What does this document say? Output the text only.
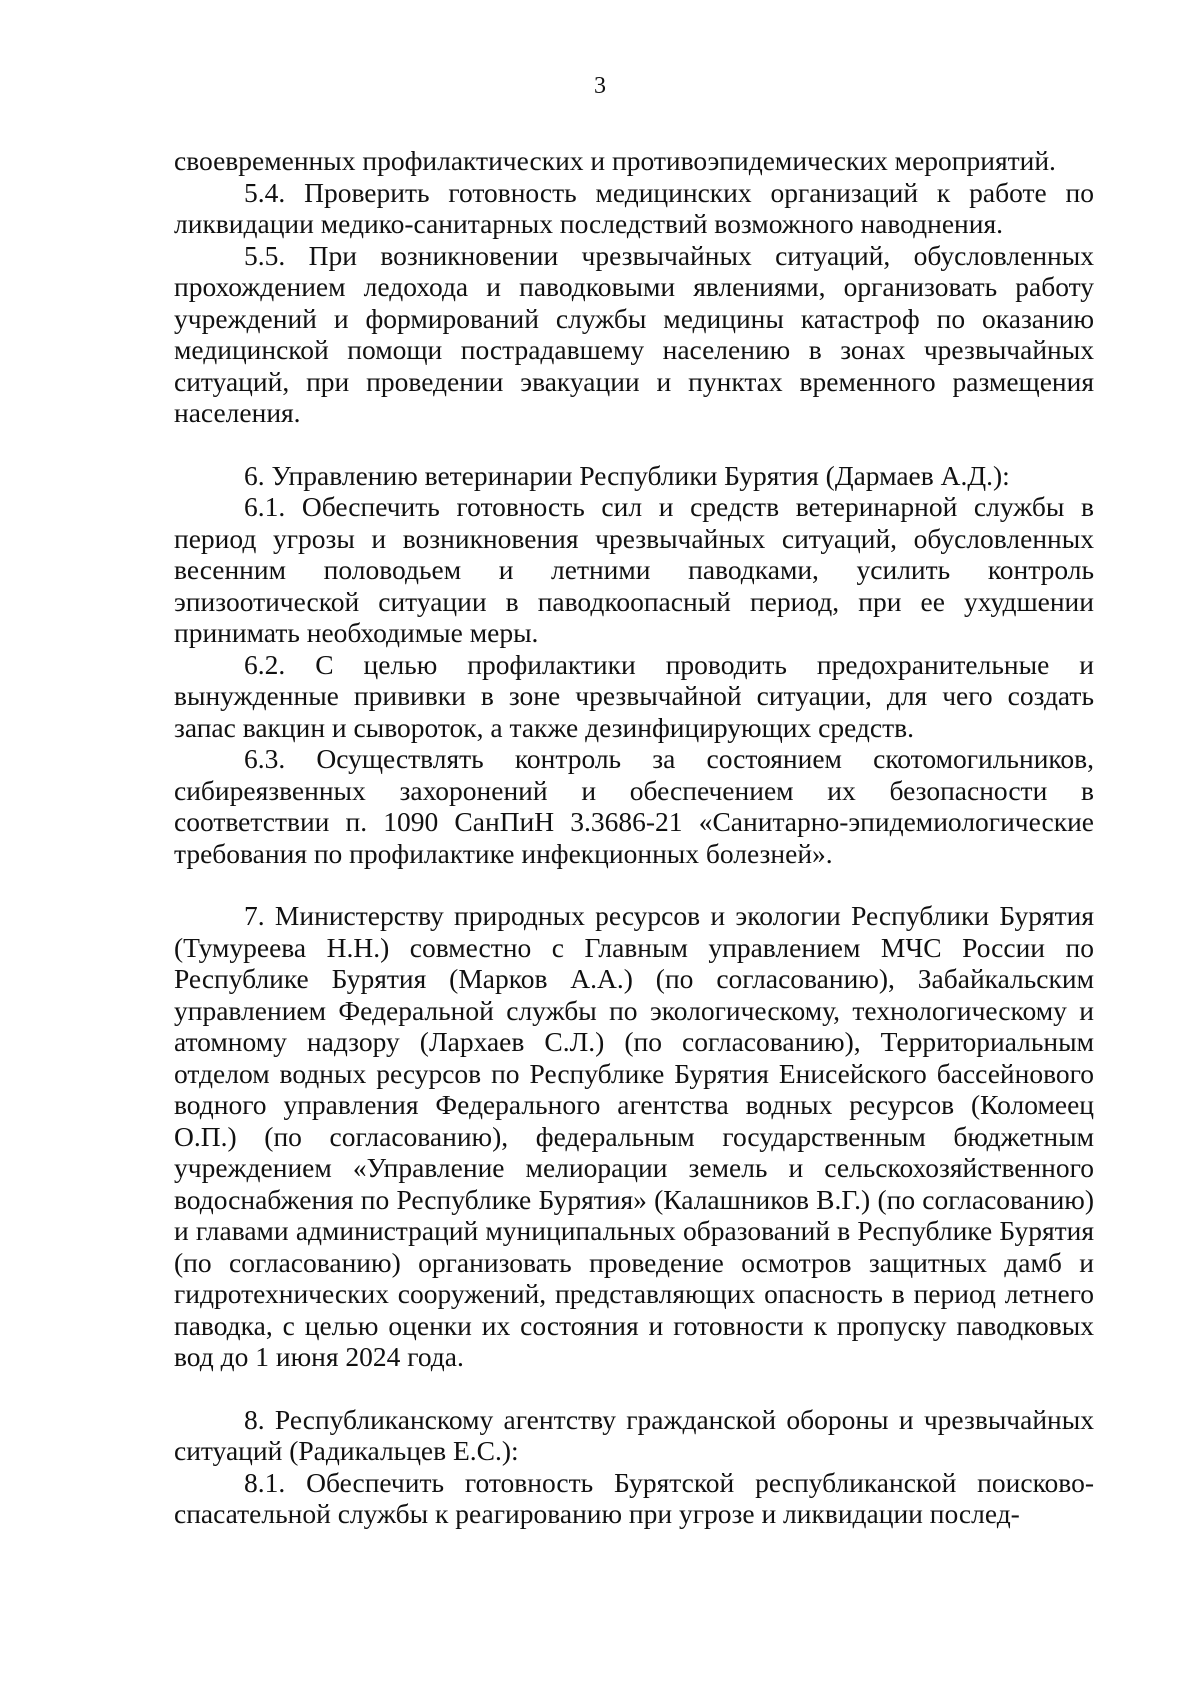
3

своевременных профилактических и противоэпидемических мероприятий.

5.4. Проверить готовность медицинских организаций к работе по ликвидации медико-санитарных последствий возможного наводнения.

5.5. При возникновении чрезвычайных ситуаций, обусловленных прохождением ледохода и паводковыми явлениями, организовать работу учреждений и формирований службы медицины катастроф по оказанию медицинской помощи пострадавшему населению в зонах чрезвычайных ситуаций, при проведении эвакуации и пунктах временного размещения населения.

6. Управлению ветеринарии Республики Бурятия (Дармаев А.Д.):

6.1. Обеспечить готовность сил и средств ветеринарной службы в период угрозы и возникновения чрезвычайных ситуаций, обусловленных весенним половодьем и летними паводками, усилить контроль эпизоотической ситуации в паводкоопасный период, при ее ухудшении принимать необходимые меры.

6.2. С целью профилактики проводить предохранительные и вынужденные прививки в зоне чрезвычайной ситуации, для чего создать запас вакцин и сывороток, а также дезинфицирующих средств.

6.3. Осуществлять контроль за состоянием скотомогильников, сибиреязвенных захоронений и обеспечением их безопасности в соответствии п. 1090 СанПиН 3.3686-21 «Санитарно-эпидемиологические требования по профилактике инфекционных болезней».

7. Министерству природных ресурсов и экологии Республики Бурятия (Тумуреева Н.Н.) совместно с Главным управлением МЧС России по Республике Бурятия (Марков А.А.) (по согласованию), Забайкальским управлением Федеральной службы по экологическому, технологическому и атомному надзору (Лархаев С.Л.) (по согласованию), Территориальным отделом водных ресурсов по Республике Бурятия Енисейского бассейнового водного управления Федерального агентства водных ресурсов (Коломеец О.П.) (по согласованию), федеральным государственным бюджетным учреждением «Управление мелиорации земель и сельскохозяйственного водоснабжения по Республике Бурятия» (Калашников В.Г.) (по согласованию) и главами администраций муниципальных образований в Республике Бурятия (по согласованию) организовать проведение осмотров защитных дамб и гидротехнических сооружений, представляющих опасность в период летнего паводка, с целью оценки их состояния и готовности к пропуску паводковых вод до 1 июня 2024 года.

8. Республиканскому агентству гражданской обороны и чрезвычайных ситуаций (Радикальцев Е.С.):

8.1. Обеспечить готовность Бурятской республиканской поисково-спасательной службы к реагированию при угрозе и ликвидации послед-
